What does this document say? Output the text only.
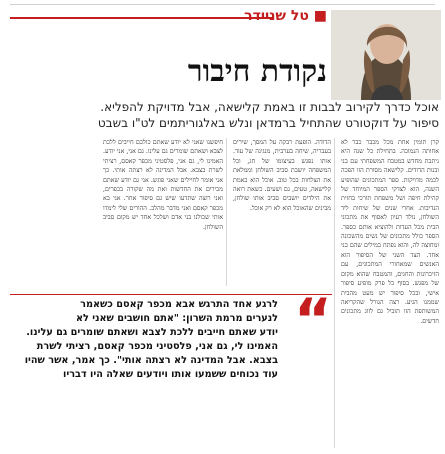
■ טל שניידר
נקודת חיבור
אוכל כדרך לקירוב לבבות זו באמת קלישאה, אבל מדויקת להפליא.
סיפור על דוקטורט שהתחיל ברמדאן ונלש באלגוריתמים לט"ו בשבט

קרן תומין אחת מכל מכבר כבר לא אחותה הנמוכה. בתחילת כל שנה היא ניתבת מחדש במטבח המשפחתי עם בני ובנות הדודים. קלישאה מסורת הזו הפכה לכמה מדויקות. ספר המתכונים שהופיע השנה, הוא לצדקי הספר המיוחד של קהילת חיפה ושל משפחת תורכי בחזית הנדיבות. אחרי שנים של שיחות ליד השולחן, נולד רעיון לאסוף את מתכוני הבית מכל העדות ולהוציא אותם כספר. הספר כולל מתכונים של נשים מהשכונה ומחוצה לה, והוא נפתח במילים שהם בני אחד. הצד השני של הסיפור הוא האנשים שמאחורי המתכונים, עם הזיכרונות והחגים, והמטבח שהוא מקום של מפגש. בסוף כל פרק מופיע סיפור אישי, ובכל סיפור יש מעט מהבית שממנו הגיע. רצה הגורל שהקריאה המשותפת הזו תוביל גם לזוג מתכונים חדשים.

הדודה. הופעת רבקה על המסך, שירים בעבריה, שיחה בערבית, מנגינה של עוד. אותו נפגש בעיצומו של חג, וכל המשפחה יושבת סביב השולחן וממלאת את הצלחות בכל טוב. אוכל הוא באמת קלישאה, טעים, גם ושעים. כשאת רואה את הילדים יושבים סביב אותו שולחן, מבינים שהאוכל הוא לא רק אוכל.

חיפשנו שאני לא יודע שאתם כולכם חייבים ללכת לצבא ושאתם שומרים גם עלינו. גם אני, אני יודע. האמינו לי, גם אני, פלסטיני מכפר קאסם, רציתי לשרת בצבא. אבל המדינה לא רצתה אותי. כך אני אומר לחיילים שאני פוגש. אני גם יודע שאתם מכירים את החדשות ואת מה שקורה בכפרים, ואני רוצה שתדעו שיש גם סיפור אחר. אני בא מכפר קאסם ואני מדבר מהלב. ההורים שלי לימדו אותי שכולנו בני אדם ושלכל אחד יש מקום סביב השולחן.

“
לרגע אחד התרגש אבא מכפר קאסם כשאמר
לנערים מרמת השרון: "אתם חושבים שאני לא
יודע שאתם חייבים ללכת לצבא ושאתם שומרים גם עלינו.
האמינו לי, גם אני, פלסטיני מכפר קאסם, רציתי לשרת
בצבא. אבל המדינה לא רצתה אותי". כך אמר, אשר שהיו
עוד נכוחים ששמעו אותו ויודעים שאלה היו דבריו
